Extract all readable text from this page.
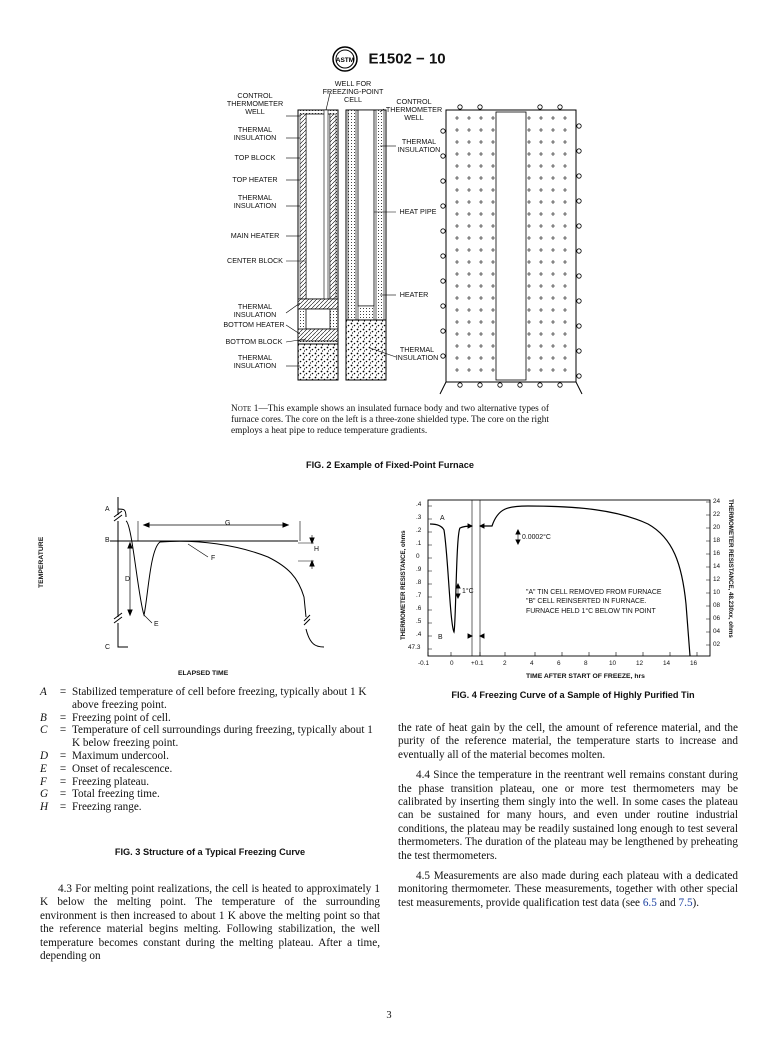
ASTM E1502 − 10
CONTROL THERMOMETER WELL
THERMAL INSULATION
TOP BLOCK
TOP HEATER
THERMAL INSULATION
MAIN HEATER
CENTER BLOCK
THERMAL INSULATION
BOTTOM HEATER
BOTTOM BLOCK
THERMAL INSULATION
WELL FOR FREEZING-POINT CELL	CONTROL THERMOMETER WELL
THERMAL INSULATION
HEAT PIPE
HEATER
THERMAL INSULATION
Note 1—This example shows an insulated furnace body and two alternative types of furnace cores. The core on the left is a three-zone shielded type. The core on the right employs a heat pipe to reduce temperature gradients.
FIG. 2 Example of Fixed-Point Furnace
TEMPERATURE
ELAPSED TIME
A
B
C
D
E
F
G
H
A	= Stabilized temperature of cell before freezing, typically about 1 K above freezing point.
B	= Freezing point of cell.
C	= Temperature of cell surroundings during freezing, typically about 1 K below freezing point.
D	= Maximum undercool.
E	= Onset of recalescence.
F	= Freezing plateau.
G	= Total freezing time.
H	= Freezing range.
FIG. 3 Structure of a Typical Freezing Curve
THERMOMETER RESISTANCE, ohms	THERMOMETER RESISTANCE, 48.230xx, ohms
TIME AFTER START OF FREEZE, hrs
.4
.3
.2
.1
0
.9
.8
.7
.6
.5
.4
47.3
24
22
20
18
16
14
12
10
08
06
04
02
-0.1	0	+0.1	2	4	6	8	10	12	14	16
0.0002°C
1°C	"A" TIN CELL REMOVED FROM FURNACE
"B" CELL REINSERTED IN FURNACE.
FURNACE HELD 1°C BELOW TIN POINT
A
B
FIG. 4 Freezing Curve of a Sample of Highly Purified Tin

the rate of heat gain by the cell, the amount of reference material, and the purity of the reference material, the temperature starts to increase and eventually all of the material becomes molten.

4.4 Since the temperature in the reentrant well remains constant during the phase transition plateau, one or more test thermometers may be calibrated by inserting them singly into the well. In some cases the plateau can be sustained for many hours, and even under routine industrial conditions, the plateau may be readily sustained long enough to test several thermometers. The duration of the plateau may be lengthened by preheating the test thermometers.

4.5 Measurements are also made during each plateau with a dedicated monitoring thermometer. These measurements, together with other special test measurements, provide qualification test data (see 6.5 and 7.5).

4.3 For melting point realizations, the cell is heated to approximately 1 K below the melting point. The temperature of the surrounding environment is then increased to about 1 K above the melting point so that the reference material begins melting. Following stabilization, the well temperature becomes constant during the melting plateau. After a time, depending on

3
